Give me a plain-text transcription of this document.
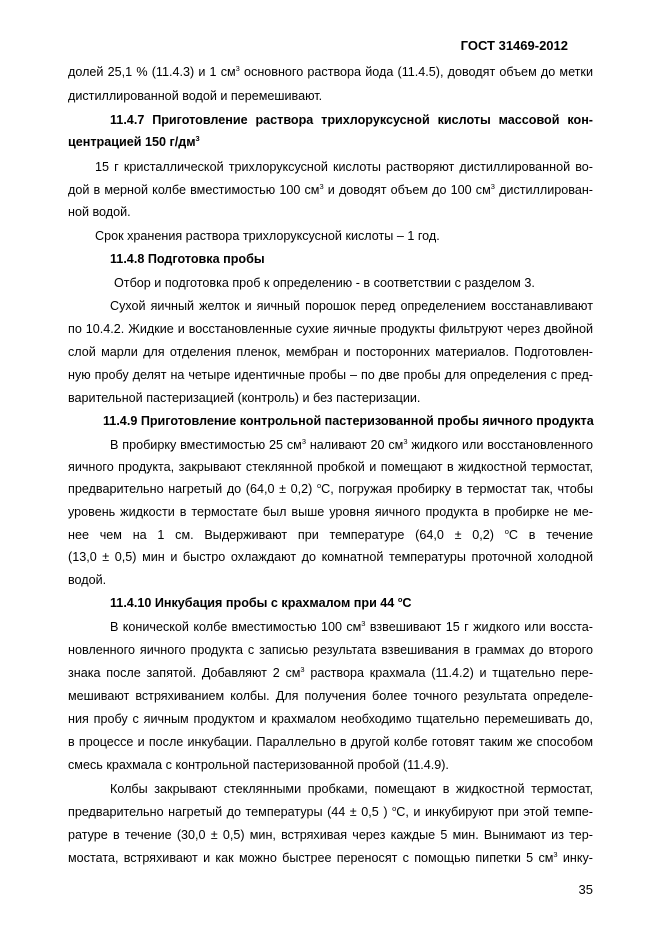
ГОСТ 31469-2012
долей 25,1 % (11.4.3) и 1 $см^3$ основного раствора йода (11.4.5), доводят объем до метки
дистиллированной водой и перемешивают.
11.4.7 Приготовление раствора трихлоруксусной кислоты массовой кон-
центрацией 150 $г/дм^3$
15 г кристаллической трихлоруксусной кислоты растворяют дистиллированной во-
дой в мерной колбе вместимостью 100 $см^3$ и доводят объем до 100 $см^3$ дистиллирован-
ной водой.
Срок хранения раствора трихлоруксусной кислоты – 1 год.
11.4.8 Подготовка пробы
Отбор и подготовка проб к определению - в соответствии с разделом 3.
Сухой яичный желток и яичный порошок перед определением восстанавливают
по 10.4.2. Жидкие и восстановленные сухие яичные продукты фильтруют через двойной
слой марли для отделения пленок, мембран и посторонних материалов. Подготовлен-
ную пробу делят на четыре идентичные пробы – по две пробы для определения с пред-
варительной пастеризацией (контроль) и без пастеризации.
11.4.9 Приготовление контрольной пастеризованной пробы яичного продукта
В пробирку вместимостью 25 $см^3$ наливают 20 $см^3$ жидкого или восстановленного
яичного продукта, закрывают стеклянной пробкой и помещают в жидкостной термостат,
предварительно нагретый до (64,0 ± 0,2) $^o$С, погружая пробирку в термостат так, чтобы
уровень жидкости в термостате был выше уровня яичного продукта в пробирке не ме-
нее чем на 1 см. Выдерживают при температуре (64,0 ± 0,2) $^o$С в течение
(13,0 ± 0,5) мин и быстро охлаждают до комнатной температуры проточной холодной
водой.
11.4.10 Инкубация пробы с крахмалом при 44 $^o$С
В конической колбе вместимостью 100 $см^3$ взвешивают 15 г жидкого или восста-
новленного яичного продукта с записью результата взвешивания в граммах до второго
знака после запятой. Добавляют 2 $см^3$ раствора крахмала (11.4.2) и тщательно пере-
мешивают встряхиванием колбы. Для получения более точного результата определе-
ния пробу с яичным продуктом и крахмалом необходимо тщательно перемешивать до,
в процессе и после инкубации. Параллельно в другой колбе готовят таким же способом
смесь крахмала с контрольной пастеризованной пробой (11.4.9).
Колбы закрывают стеклянными пробками, помещают в жидкостной термостат,
предварительно нагретый до температуры (44 ± 0,5 ) $^o$С, и инкубируют при этой темпе-
ратуре в течение (30,0 ± 0,5) мин, встряхивая через каждые 5 мин. Вынимают из тер-
мостата, встряхивают и как можно быстрее переносят с помощью пипетки 5 $см^3$ инку-
35
